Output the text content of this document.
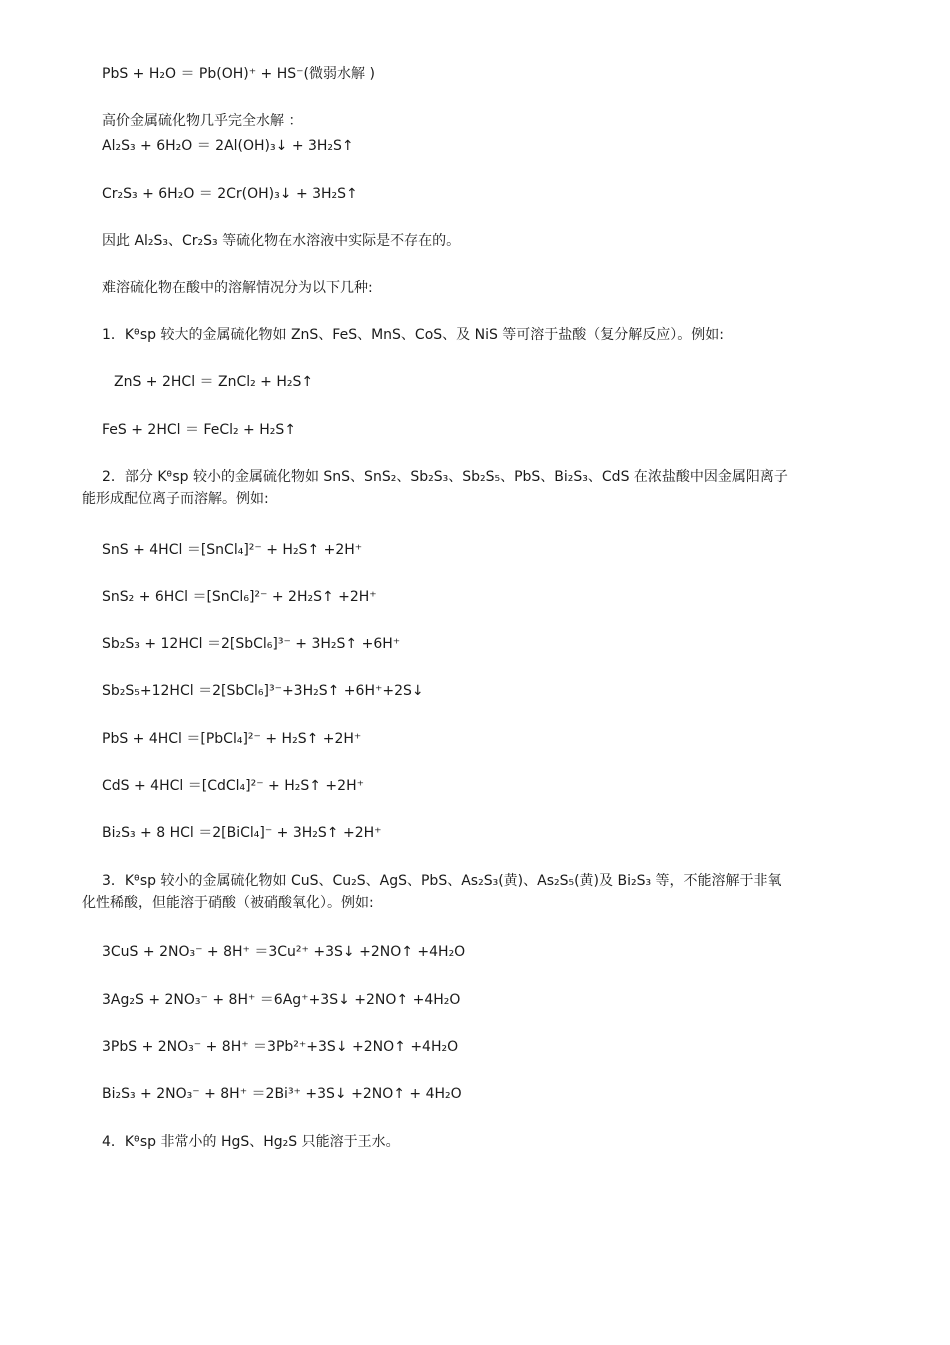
PbS + H₂O ＝ Pb(OH)⁺ + HS⁻(微弱水解 )
高价金属硫化物几乎完全水解 ：
Al₂S₃ + 6H₂O ＝ 2Al(OH)₃↓ + 3H₂S↑
Cr₂S₃ + 6H₂O ＝ 2Cr(OH)₃↓ + 3H₂S↑
因此 Al₂S₃、Cr₂S₃ 等硫化物在水溶液中实际是不存在的。
难溶硫化物在酸中的溶解情况分为以下几种:
1．Kᶿsp 较大的金属硫化物如 ZnS、FeS、MnS、CoS、及 NiS 等可溶于盐酸（复分解反应）。例如:
ZnS + 2HCl ＝ ZnCl₂ + H₂S↑
FeS + 2HCl ＝ FeCl₂ + H₂S↑
2．部分 Kᶿsp 较小的金属硫化物如 SnS、SnS₂、Sb₂S₃、Sb₂S₅、PbS、Bi₂S₃、CdS 在浓盐酸中因金属阳离子
能形成配位离子而溶解。例如:
SnS + 4HCl ＝[SnCl₄]²⁻ + H₂S↑ +2H⁺
SnS₂ + 6HCl ＝[SnCl₆]²⁻ + 2H₂S↑ +2H⁺
Sb₂S₃ + 12HCl ＝2[SbCl₆]³⁻ + 3H₂S↑ +6H⁺
Sb₂S₅+12HCl ＝2[SbCl₆]³⁻+3H₂S↑ +6H⁺+2S↓
PbS + 4HCl ＝[PbCl₄]²⁻ + H₂S↑ +2H⁺
CdS + 4HCl ＝[CdCl₄]²⁻ + H₂S↑ +2H⁺
Bi₂S₃ + 8 HCl ＝2[BiCl₄]⁻ + 3H₂S↑ +2H⁺
3．Kᶿsp 较小的金属硫化物如 CuS、Cu₂S、AgS、PbS、As₂S₃(黄)、As₂S₅(黄)及 Bi₂S₃ 等，不能溶解于非氧
化性稀酸，但能溶于硝酸（被硝酸氧化）。例如:
3CuS + 2NO₃⁻ + 8H⁺ ＝3Cu²⁺ +3S↓ +2NO↑ +4H₂O
3Ag₂S + 2NO₃⁻ + 8H⁺ ＝6Ag⁺+3S↓ +2NO↑ +4H₂O
3PbS + 2NO₃⁻ + 8H⁺ ＝3Pb²⁺+3S↓ +2NO↑ +4H₂O
Bi₂S₃ + 2NO₃⁻ + 8H⁺ ＝2Bi³⁺ +3S↓ +2NO↑ + 4H₂O
4．Kᶿsp 非常小的 HgS、Hg₂S 只能溶于王水。
